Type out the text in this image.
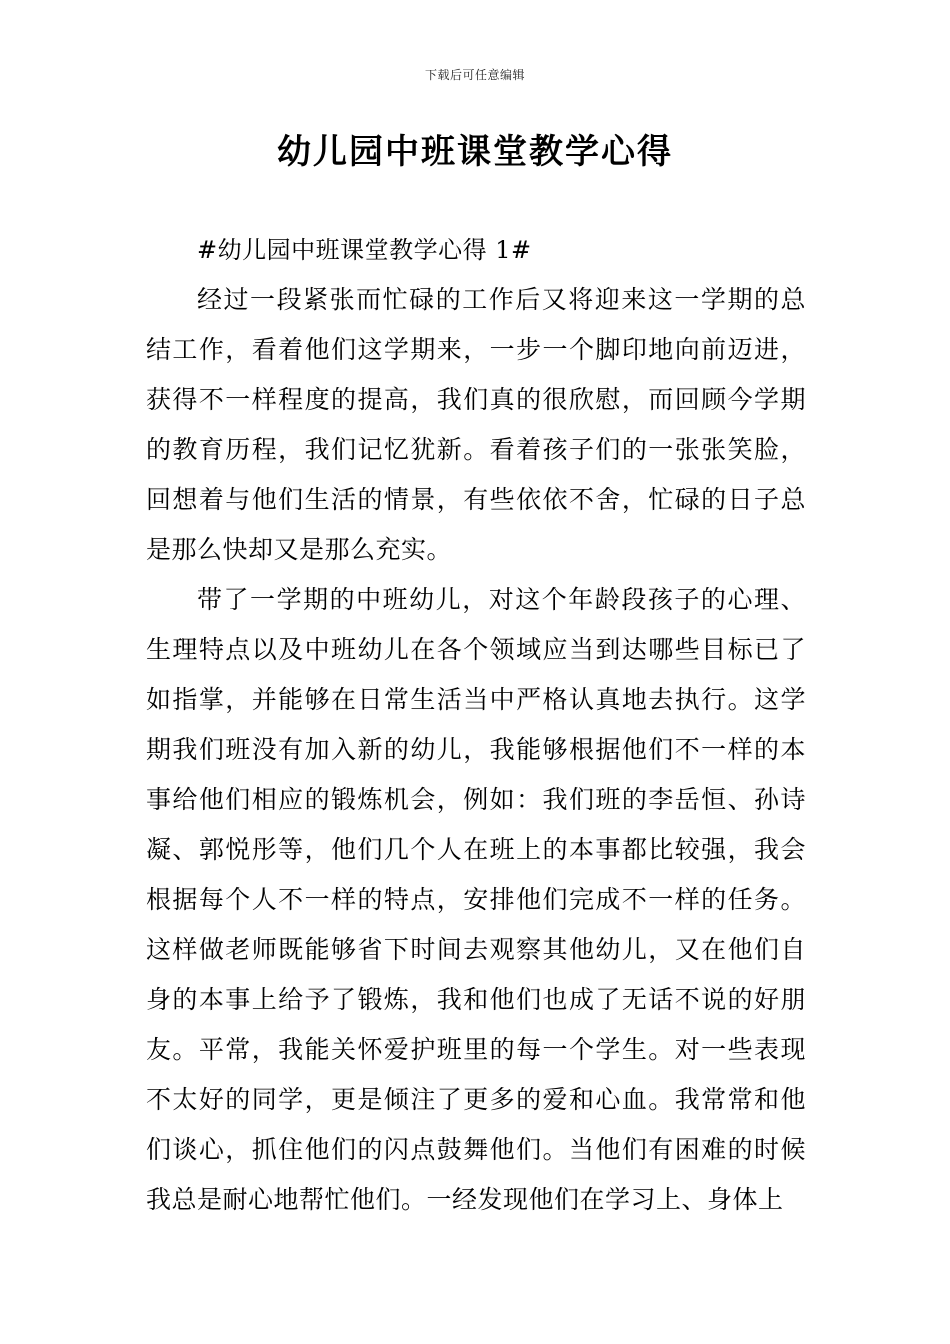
下载后可任意编辑
幼儿园中班课堂教学心得

#幼儿园中班课堂教学心得 1#

经过一段紧张而忙碌的工作后又将迎来这一学期的总结工作，看着他们这学期来，一步一个脚印地向前迈进，获得不一样程度的提高，我们真的很欣慰，而回顾今学期的教育历程，我们记忆犹新。看着孩子们的一张张笑脸，回想着与他们生活的情景，有些依依不舍，忙碌的日子总是那么快却又是那么充实。

带了一学期的中班幼儿，对这个年龄段孩子的心理、生理特点以及中班幼儿在各个领域应当到达哪些目标已了如指掌，并能够在日常生活当中严格认真地去执行。这学期我们班没有加入新的幼儿，我能够根据他们不一样的本事给他们相应的锻炼机会，例如：我们班的李岳恒、孙诗凝、郭悦彤等，他们几个人在班上的本事都比较强，我会根据每个人不一样的特点，安排他们完成不一样的任务。这样做老师既能够省下时间去观察其他幼儿，又在他们自身的本事上给予了锻炼，我和他们也成了无话不说的好朋友。平常，我能关怀爱护班里的每一个学生。对一些表现不太好的同学，更是倾注了更多的爱和心血。我常常和他们谈心，抓住他们的闪点鼓舞他们。当他们有困难的时候我总是耐心地帮忙他们。一经发现他们在学习上、身体上
